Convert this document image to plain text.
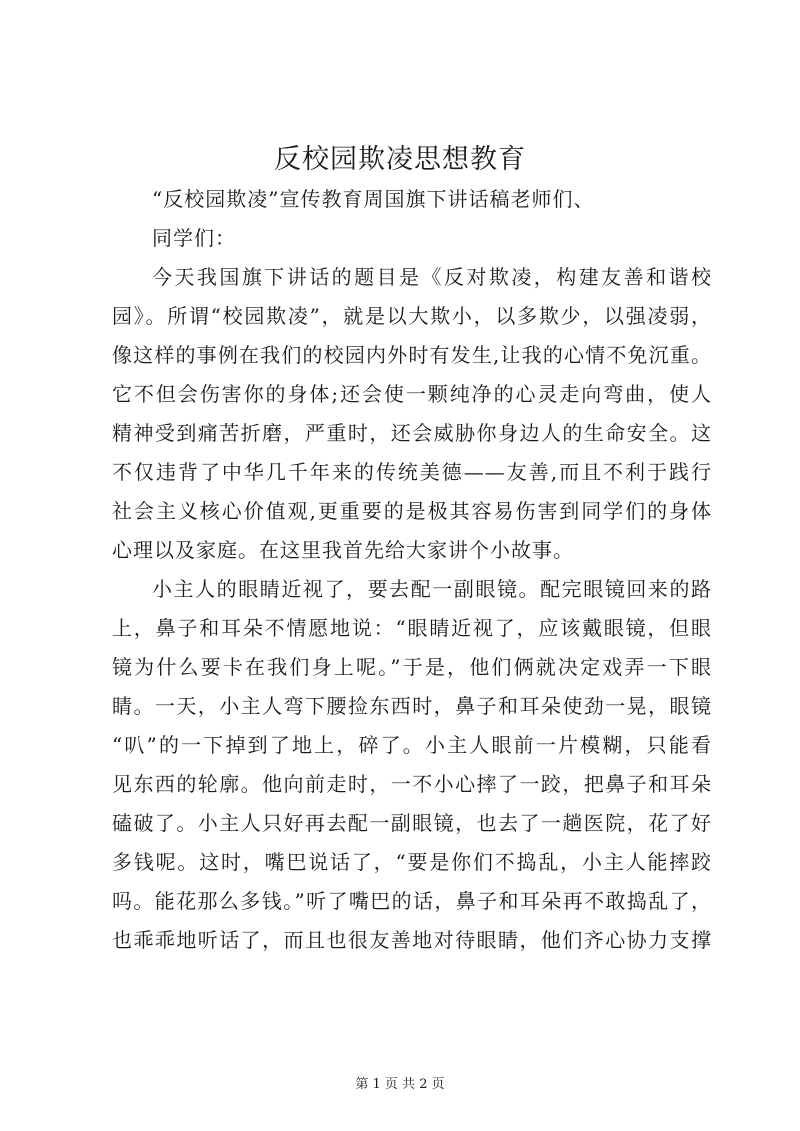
反校园欺凌思想教育
“反校园欺凌”宣传教育周国旗下讲话稿老师们、
同学们：
今天我国旗下讲话的题目是《反对欺凌，构建友善和谐校
园》。所谓“校园欺凌”，就是以大欺小，以多欺少，以强凌弱，
像这样的事例在我们的校园内外时有发生,让我的心情不免沉重。
它不但会伤害你的身体;还会使一颗纯净的心灵走向弯曲，使人
精神受到痛苦折磨，严重时，还会威胁你身边人的生命安全。这
不仅违背了中华几千年来的传统美德——友善,而且不利于践行
社会主义核心价值观,更重要的是极其容易伤害到同学们的身体
心理以及家庭。在这里我首先给大家讲个小故事。
小主人的眼睛近视了，要去配一副眼镜。配完眼镜回来的路
上，鼻子和耳朵不情愿地说：“眼睛近视了，应该戴眼镜，但眼
镜为什么要卡在我们身上呢。”于是，他们俩就决定戏弄一下眼
睛。一天，小主人弯下腰捡东西时，鼻子和耳朵使劲一晃，眼镜
“叭”的一下掉到了地上，碎了。小主人眼前一片模糊，只能看
见东西的轮廓。他向前走时，一不小心摔了一跤，把鼻子和耳朵
磕破了。小主人只好再去配一副眼镜，也去了一趟医院，花了好
多钱呢。这时，嘴巴说话了，“要是你们不捣乱，小主人能摔跤
吗。能花那么多钱。”听了嘴巴的话，鼻子和耳朵再不敢捣乱了，
也乖乖地听话了，而且也很友善地对待眼睛，他们齐心协力支撑
第 1 页 共 2 页
